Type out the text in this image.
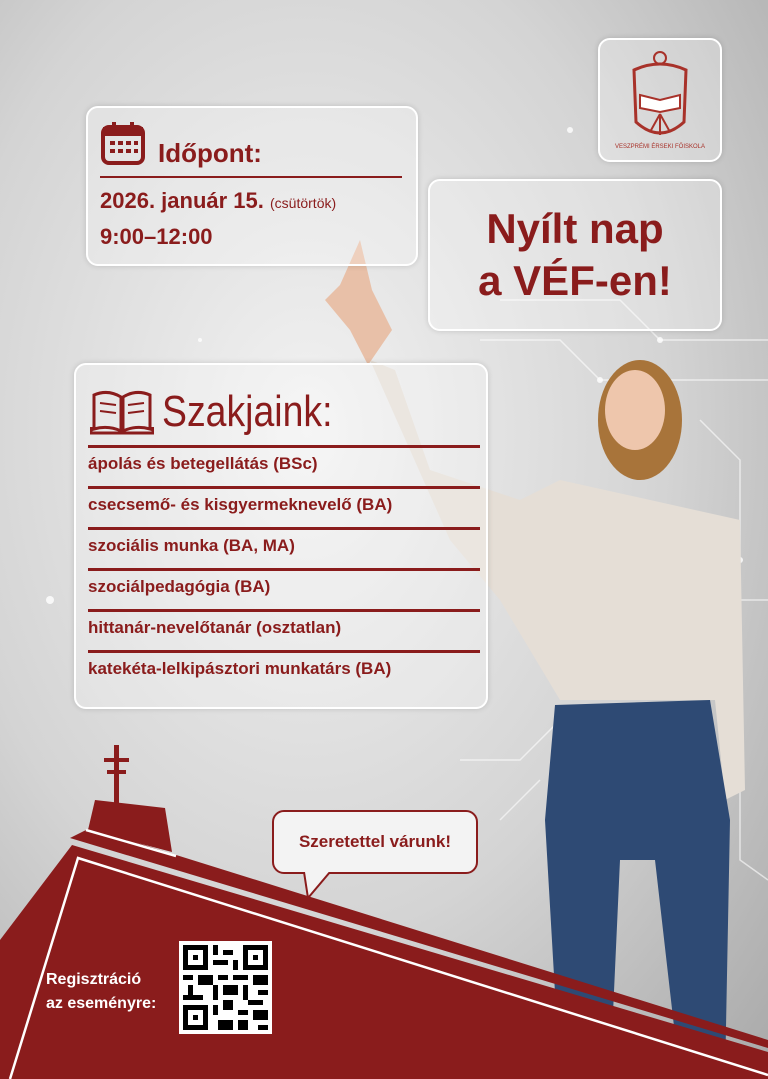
Időpont:
2026. január 15. (csütörtök)
9:00–12:00
VESZPRÉMI ÉRSEKI FŐISKOLA
Nyílt nap
a VÉF-en!
Szakjaink:
ápolás és betegellátás (BSc)
csecsemő- és kisgyermeknevelő (BA)
szociális munka (BA, MA)
szociálpedagógia (BA)
hittanár-nevelőtanár (osztatlan)
katekéta-lelkipásztori munkatárs (BA)
Szeretettel várunk!
Regisztráció
az eseményre:
